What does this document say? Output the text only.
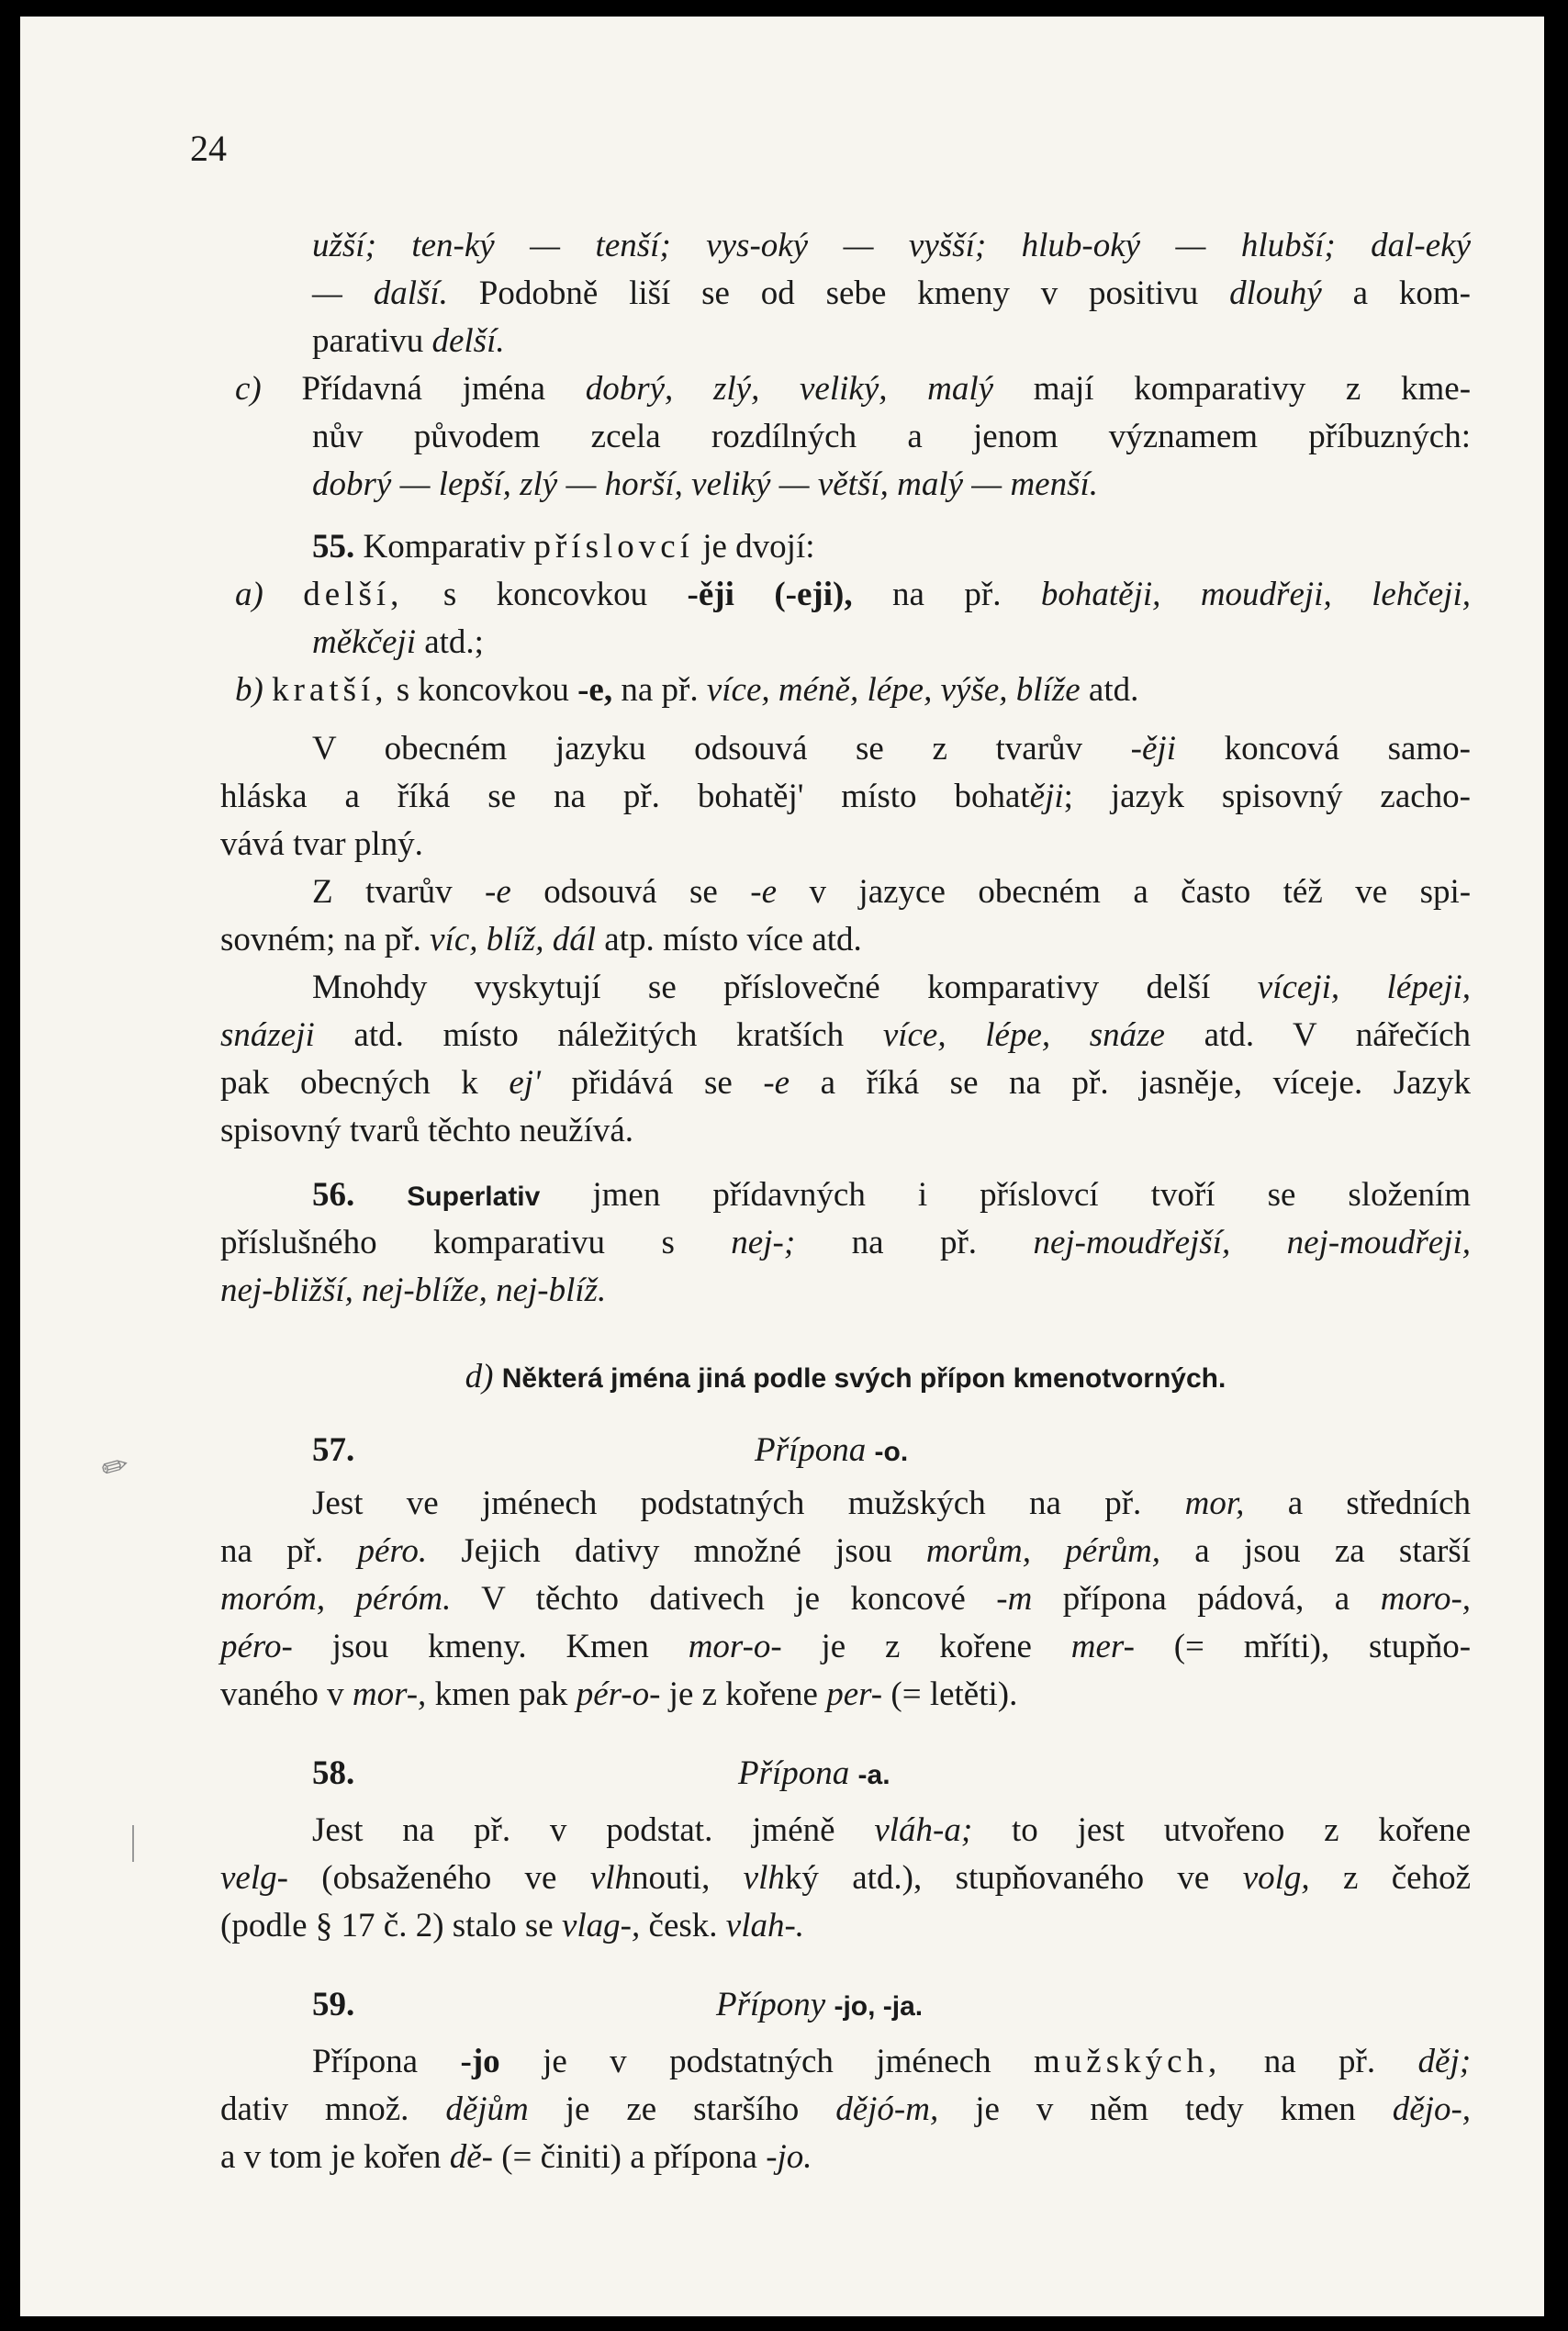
24
užší; ten-ký — tenší; vys-oký — vyšší; hlub-oký — hlubší; dal-eký
— další. Podobně liší se od sebe kmeny v positivu dlouhý a kom-
parativu delší.
c) Přídavná jména dobrý, zlý, veliký, malý mají komparativy z kme-
nův původem zcela rozdílných a jenom významem příbuzných:
dobrý — lepší, zlý — horší, veliký — větší, malý — menší.
55. Komparativ příslovcí je dvojí:
a) delší, s koncovkou -ěji (-eji), na př. bohatěji, moudřeji, lehčeji,
měkčeji atd.;
b) kratší, s koncovkou -e, na př. více, méně, lépe, výše, blíže atd.
V obecném jazyku odsouvá se z tvarův -ěji koncová samo-
hláska a říká se na př. bohatěj' místo bohatěji; jazyk spisovný zacho-
vává tvar plný.
Z tvarův -e odsouvá se -e v jazyce obecném a často též ve spi-
sovném; na př. víc, blíž, dál atp. místo více atd.
Mnohdy vyskytují se příslovečné komparativy delší víceji, lépeji,
snázeji atd. místo náležitých kratších více, lépe, snáze atd. V nářečích
pak obecných k ej' přidává se -e a říká se na př. jasněje, víceje. Jazyk
spisovný tvarů těchto neužívá.
56. Superlativ jmen přídavných i příslovcí tvoří se složením
příslušného komparativu s nej-; na př. nej-moudřejší, nej-moudřeji,
nej-bližší, nej-blíže, nej-blíž.
d) Některá jména jiná podle svých přípon kmenotvorných.
57.	Přípona -o.
Jest ve jménech podstatných mužských na př. mor, a středních
na př. péro. Jejich dativy množné jsou morům, pérům, a jsou za starší
moróm, péróm. V těchto dativech je koncové -m přípona pádová, a moro-,
péro- jsou kmeny. Kmen mor-o- je z kořene mer- (= mříti), stupňo-
vaného v mor-, kmen pak pér-o- je z kořene per- (= letěti).
58.	Přípona -a.
Jest na př. v podstat. jméně vláh-a; to jest utvořeno z kořene
velg- (obsaženého ve vlhnouti, vlhký atd.), stupňovaného ve volg, z čehož
(podle § 17 č. 2) stalo se vlag-, česk. vlah-.
59.	Přípony -jo, -ja.
Přípona -jo je v podstatných jménech mužských, na př. děj;
dativ množ. dějům je ze staršího dějó-m, je v něm tedy kmen dějo-,
a v tom je kořen dě- (= činiti) a přípona -jo.
✎
